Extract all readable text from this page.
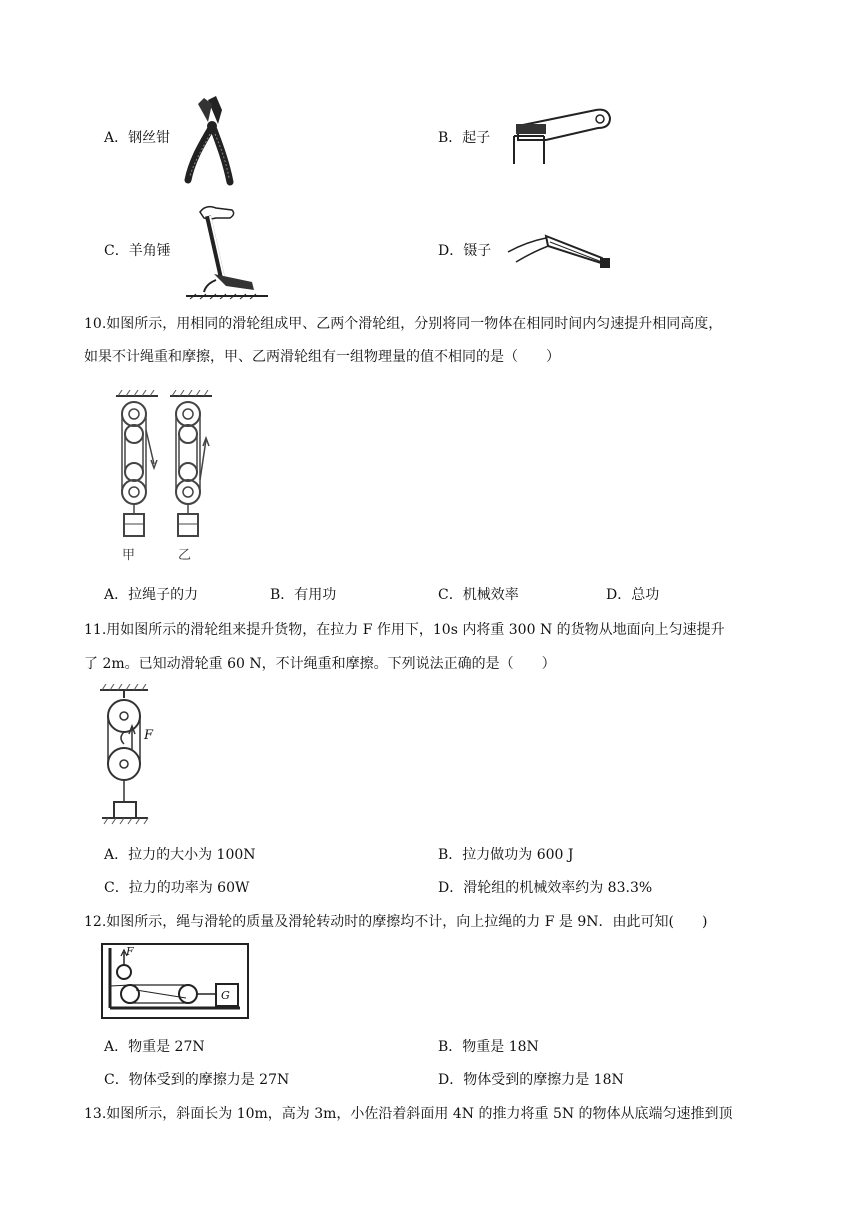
A．钢丝钳	B．起子
C．羊角锤	D．镊子
10.如图所示，用相同的滑轮组成甲、乙两个滑轮组，分别将同一物体在相同时间内匀速提升相同高度，
如果不计绳重和摩擦，甲、乙两滑轮组有一组物理量的值不相同的是（　　）
甲	乙
A．拉绳子的力	B．有用功	C．机械效率	D．总功
11.用如图所示的滑轮组来提升货物，在拉力 F 作用下，10s 内将重 300 N 的货物从地面向上匀速提升
了 2m。已知动滑轮重 60 N，不计绳重和摩擦。下列说法正确的是（　　）
F
A．拉力的大小为 100N	B．拉力做功为 600 J
C．拉力的功率为 60W	D．滑轮组的机械效率约为 83.3%
12.如图所示，绳与滑轮的质量及滑轮转动时的摩擦均不计，向上拉绳的力 F 是 9N．由此可知(　　)
F
G
A．物重是 27N	B．物重是 18N
C．物体受到的摩擦力是 27N	D．物体受到的摩擦力是 18N
13.如图所示，斜面长为 10m，高为 3m，小佐沿着斜面用 4N 的推力将重 5N 的物体从底端匀速推到顶
